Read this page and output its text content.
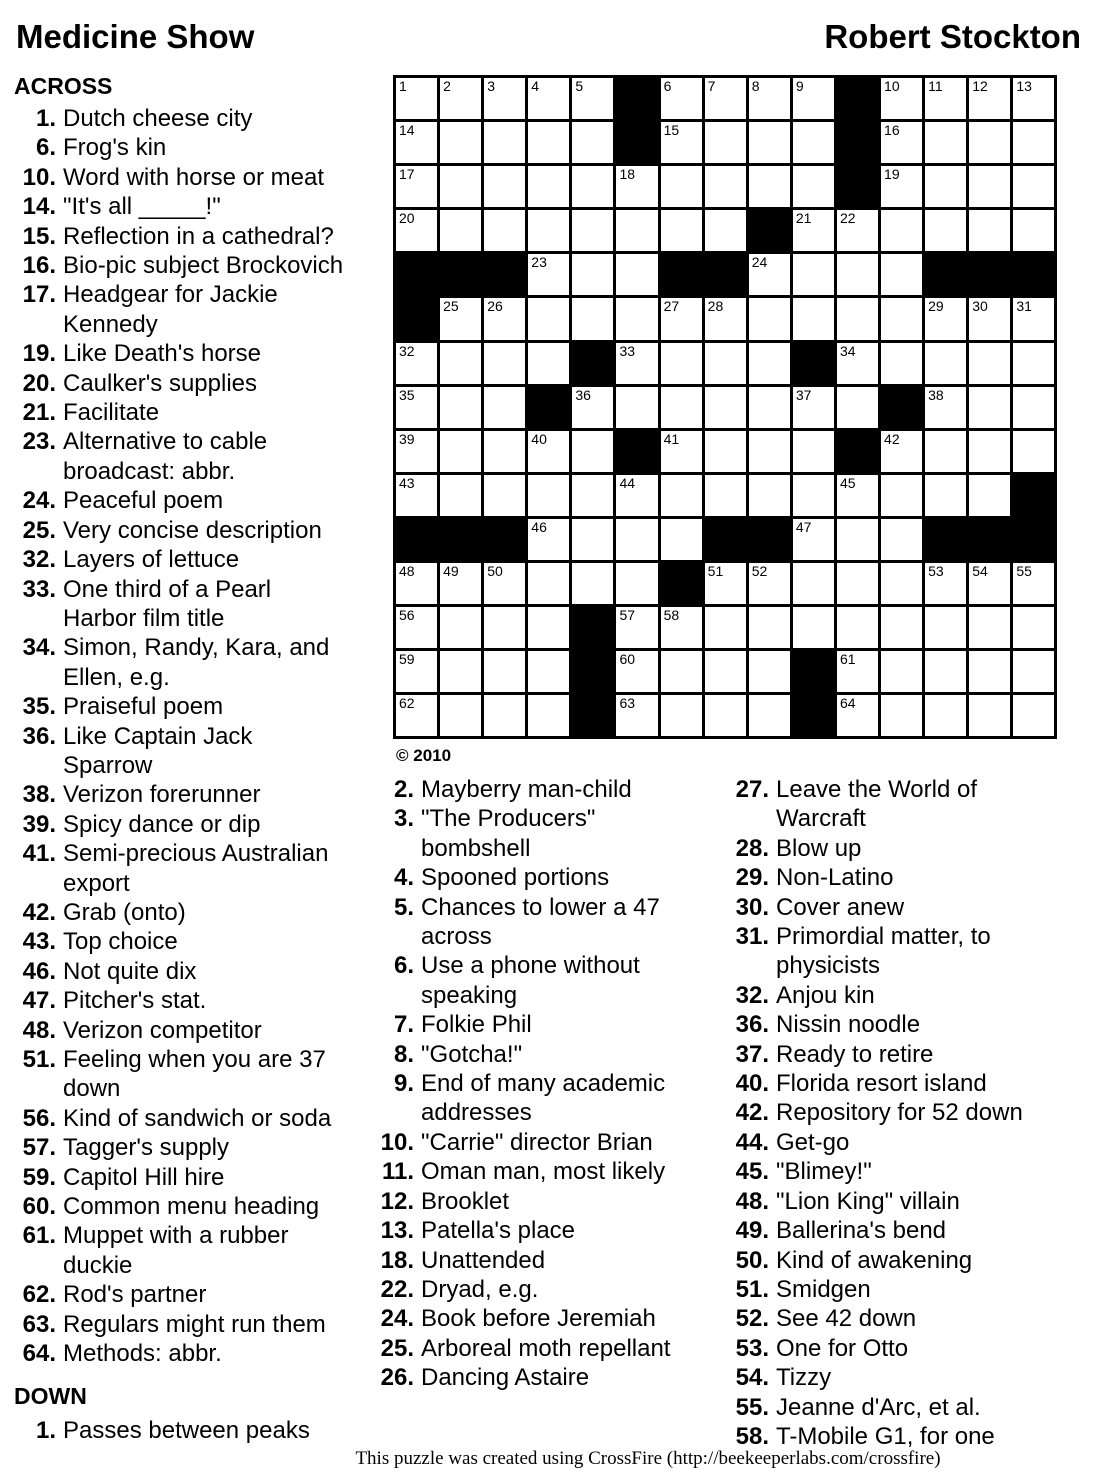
Medicine Show	Robert Stockton
1	2	3	4	5	6	7	8	9	10 11 12 13
14	15	16
17	18	19
20	21 22
23	24
25 26	27 28	29 30 31
32	33	34
35	36	37	38
39	40	41	42
43	44	45
46	47
48 49 50	51 52	53 54 55
56	57 58
59	60	61
62	63	64
© 2010
ACROSS
1. Dutch cheese city
6. Frog's kin
10. Word with horse or meat
14. "It's all _____!"
15. Reflection in a cathedral?
16. Bio-pic subject Brockovich
17. Headgear for Jackie Kennedy
19. Like Death's horse
20. Caulker's supplies
21. Facilitate
23. Alternative to cable broadcast: abbr.
24. Peaceful poem
25. Very concise description
32. Layers of lettuce
33. One third of a Pearl Harbor film title
34. Simon, Randy, Kara, and Ellen, e.g.
35. Praiseful poem
36. Like Captain Jack Sparrow
38. Verizon forerunner
39. Spicy dance or dip
41. Semi-precious Australian export
42. Grab (onto)
43. Top choice
46. Not quite dix
47. Pitcher's stat.
48. Verizon competitor
51. Feeling when you are 37 down
56. Kind of sandwich or soda
57. Tagger's supply
59. Capitol Hill hire
60. Common menu heading
61. Muppet with a rubber duckie
62. Rod's partner
63. Regulars might run them
64. Methods: abbr.
DOWN
1. Passes between peaks
2. Mayberry man-child
3. "The Producers" bombshell
4. Spooned portions
5. Chances to lower a 47 across
6. Use a phone without speaking
7. Folkie Phil
8. "Gotcha!"
9. End of many academic addresses
10. "Carrie" director Brian
11. Oman man, most likely
12. Brooklet
13. Patella's place
18. Unattended
22. Dryad, e.g.
24. Book before Jeremiah
25. Arboreal moth repellant
26. Dancing Astaire
27. Leave the World of Warcraft
28. Blow up
29. Non-Latino
30. Cover anew
31. Primordial matter, to physicists
32. Anjou kin
36. Nissin noodle
37. Ready to retire
40. Florida resort island
42. Repository for 52 down
44. Get-go
45. "Blimey!"
48. "Lion King" villain
49. Ballerina's bend
50. Kind of awakening
51. Smidgen
52. See 42 down
53. One for Otto
54. Tizzy
55. Jeanne d'Arc, et al.
58. T-Mobile G1, for one
This puzzle was created using CrossFire (http://beekeeperlabs.com/crossfire)
